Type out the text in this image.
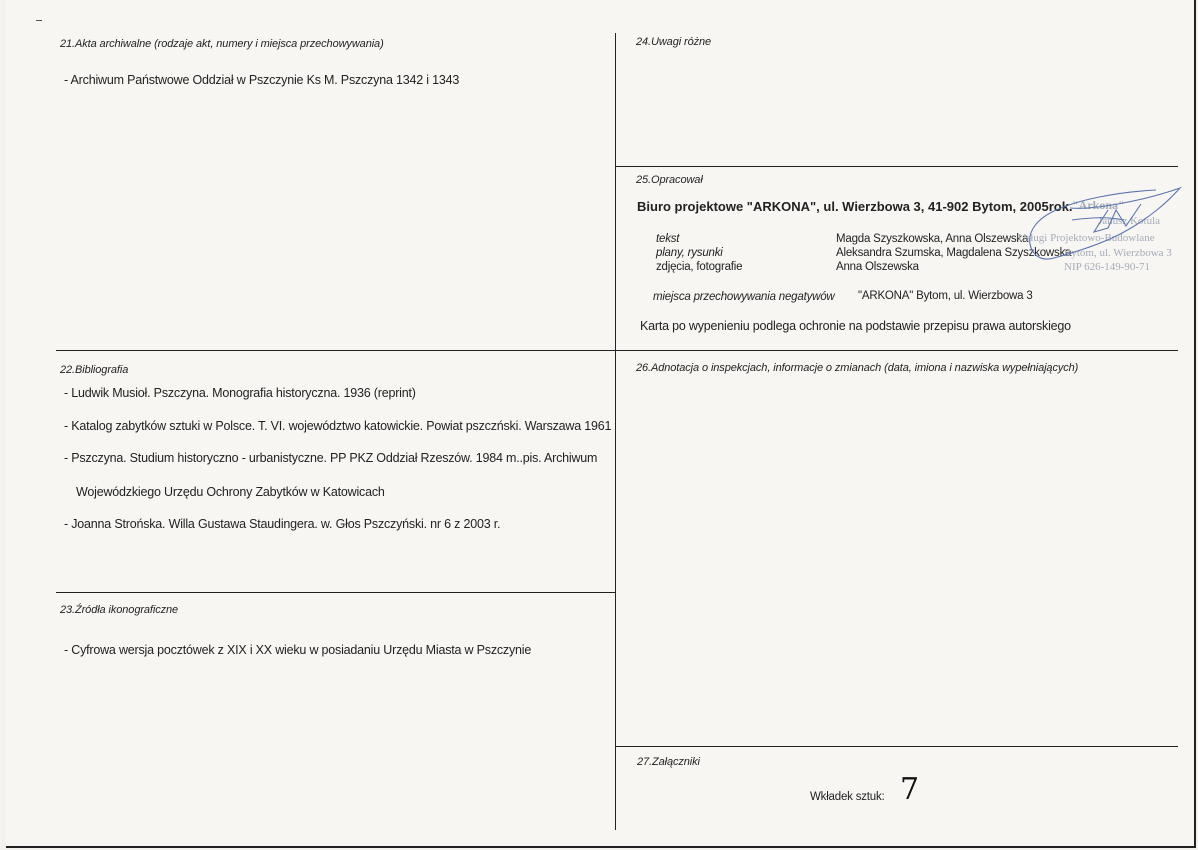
21.Akta archiwalne (rodzaje akt, numery i miejsca przechowywania)
- Archiwum Państwowe Oddział w Pszczynie Ks M. Pszczyna 1342 i 1343
22.Bibliografia
- Ludwik Musioł. Pszczyna. Monografia historyczna. 1936 (reprint)
- Katalog zabytków sztuki w Polsce. T. VI. województwo katowickie. Powiat pszczński. Warszawa 1961
- Pszczyna. Studium historyczno - urbanistyczne. PP PKZ Oddział Rzeszów. 1984 m..pis. Archiwum
Wojewódzkiego Urzędu Ochrony Zabytków w Katowicach
- Joanna Strońska. Willa Gustawa Staudingera. w. Głos Pszczyński. nr 6 z 2003 r.
23.Źródła ikonograficzne
- Cyfrowa wersja pocztówek z XIX i XX wieku w posiadaniu Urzędu Miasta w Pszczynie
24.Uwagi różne
25.Opracował
Biuro projektowe "ARKONA", ul. Wierzbowa 3, 41-902 Bytom, 2005rok.
tekst
plany, rysunki
zdjęcia, fotografie
Magda Szyszkowska, Anna Olszewska
Aleksandra Szumska, Magdalena Szyszkowska
Anna Olszewska
miejsca przechowywania negatywów "ARKONA" Bytom, ul. Wierzbowa 3
Karta po wypenieniu podlega ochronie na podstawie przepisu prawa autorskiego
"Arkona"
Janusz Kotula
Usługi Projektowo-Budowlane
Bytom, ul. Wierzbowa 3
NIP 626-149-90-71
26.Adnotacja o inspekcjach, informacje o zmianach (data, imiona i nazwiska wypełniających)
27.Załączniki
Wkładek sztuk: 7
